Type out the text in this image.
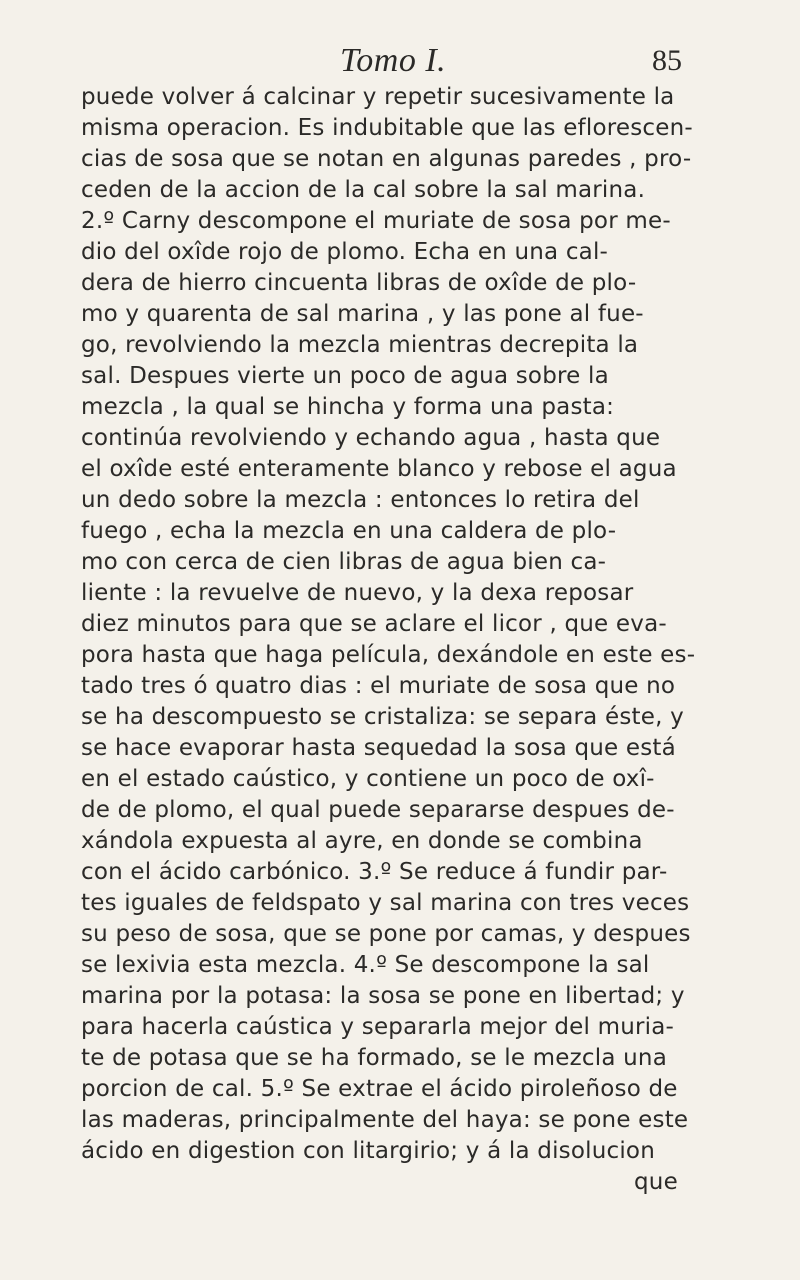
Tomo I.	85
puede volver á calcinar y repetir sucesivamente la
misma operacion. Es indubitable que las eflorescen-
cias de sosa que se notan en algunas paredes , pro-
ceden de la accion de la cal sobre la sal marina.
2.º Carny descompone el muriate de sosa por me-
dio del oxîde rojo de plomo. Echa en una cal-
dera de hierro cincuenta libras de oxîde de plo-
mo y quarenta de sal marina , y las pone al fue-
go, revolviendo la mezcla mientras decrepita la
sal. Despues vierte un poco de agua sobre la
mezcla , la qual se hincha y forma una pasta:
continúa revolviendo y echando agua , hasta que
el oxîde esté enteramente blanco y rebose el agua
un dedo sobre la mezcla : entonces lo retira del
fuego , echa la mezcla en una caldera de plo-
mo con cerca de cien libras de agua bien ca-
liente : la revuelve de nuevo, y la dexa reposar
diez minutos para que se aclare el licor , que eva-
pora hasta que haga película, dexándole en este es-
tado tres ó quatro dias : el muriate de sosa que no
se ha descompuesto se cristaliza: se separa éste, y
se hace evaporar hasta sequedad la sosa que está
en el estado caústico, y contiene un poco de oxî-
de de plomo, el qual puede separarse despues de-
xándola expuesta al ayre, en donde se combina
con el ácido carbónico. 3.º Se reduce á fundir par-
tes iguales de feldspato y sal marina con tres veces
su peso de sosa, que se pone por camas, y despues
se lexivia esta mezcla. 4.º Se descompone la sal
marina por la potasa: la sosa se pone en libertad; y
para hacerla caústica y separarla mejor del muria-
te de potasa que se ha formado, se le mezcla una
porcion de cal. 5.º Se extrae el ácido piroleñoso de
las maderas, principalmente del haya: se pone este
ácido en digestion con litargirio; y á la disolucion
que
